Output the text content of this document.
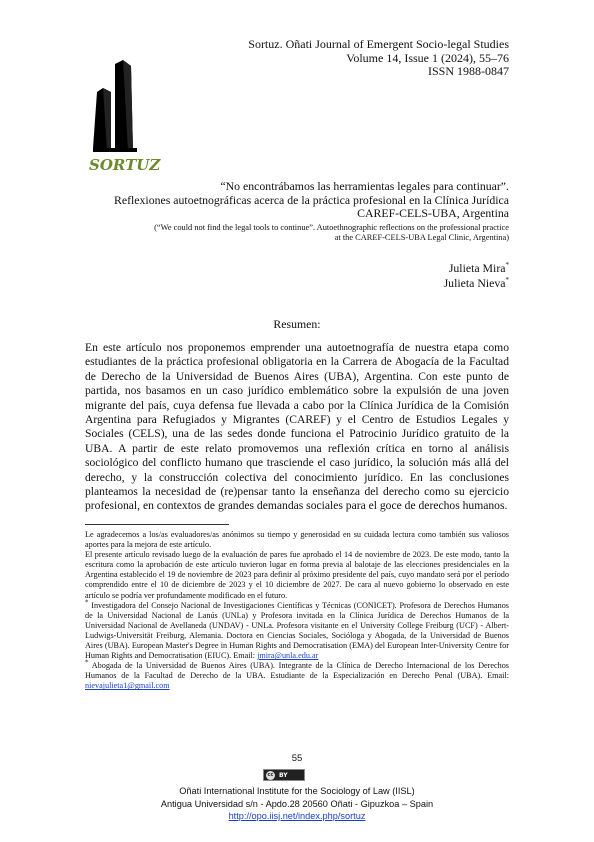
Sortuz. Oñati Journal of Emergent Socio-legal Studies
Volume 14, Issue 1 (2024), 55–76
ISSN 1988-0847
SORTUZ
“No encontrábamos las herramientas legales para continuar”.
Reflexiones autoetnográficas acerca de la práctica profesional en la Clínica Jurídica
CAREF-CELS-UBA, Argentina
(“We could not find the legal tools to continue”. Autoethnographic reflections on the professional practice
at the CAREF-CELS-UBA Legal Clinic, Argentina)
Julieta Mira*
Julieta Nieva*
Resumen:

En este artículo nos proponemos emprender una autoetnografía de nuestra etapa como estudiantes de la práctica profesional obligatoria en la Carrera de Abogacía de la Facultad de Derecho de la Universidad de Buenos Aires (UBA), Argentina. Con este punto de partida, nos basamos en un caso jurídico emblemático sobre la expulsión de una joven migrante del país, cuya defensa fue llevada a cabo por la Clínica Jurídica de la Comisión Argentina para Refugiados y Migrantes (CAREF) y el Centro de Estudios Legales y Sociales (CELS), una de las sedes donde funciona el Patrocinio Jurídico gratuito de la UBA. A partir de este relato promovemos una reflexión crítica en torno al análisis sociológico del conflicto humano que trasciende el caso jurídico, la solución más allá del derecho, y la construcción colectiva del conocimiento jurídico. En las conclusiones planteamos la necesidad de (re)pensar tanto la enseñanza del derecho como su ejercicio profesional, en contextos de grandes demandas sociales para el goce de derechos humanos.

Le agradecemos a los/as evaluadores/as anónimos su tiempo y generosidad en su cuidada lectura como también sus valiosos aportes para la mejora de este artículo.

El presente artículo revisado luego de la evaluación de pares fue aprobado el 14 de noviembre de 2023. De este modo, tanto la escritura como la aprobación de este artículo tuvieron lugar en forma previa al balotaje de las elecciones presidenciales en la Argentina establecido el 19 de noviembre de 2023 para definir al próximo presidente del país, cuyo mandato será por el período comprendido entre el 10 de diciembre de 2023 y el 10 diciembre de 2027. De cara al nuevo gobierno lo observado en este artículo se podría ver profundamente modificado en el futuro.

* Investigadora del Consejo Nacional de Investigaciones Científicas y Técnicas (CONICET). Profesora de Derechos Humanos de la Universidad Nacional de Lanús (UNLa) y Profesora invitada en la Clínica Jurídica de Derechos Humanos de la Universidad Nacional de Avellaneda (UNDAV) - UNLa. Profesora visitante en el University College Freiburg (UCF) - Albert-Ludwigs-Universität Freiburg, Alemania. Doctora en Ciencias Sociales, Socióloga y Abogada, de la Universidad de Buenos Aires (UBA). European Master's Degree in Human Rights and Democratisation (EMA) del European Inter-University Centre for Human Rights and Democratisation (EIUC). Email: jmira@unla.edu.ar

* Abogada de la Universidad de Buenos Aires (UBA). Integrante de la Clínica de Derecho Internacional de los Derechos Humanos de la Facultad de Derecho de la UBA. Estudiante de la Especialización en Derecho Penal (UBA). Email: nievajulieta1@gmail.com

55
cc BY
Oñati International Institute for the Sociology of Law (IISL)
Antigua Universidad s/n - Apdo.28 20560 Oñati - Gipuzkoa – Spain
http://opo.iisj.net/index.php/sortuz
